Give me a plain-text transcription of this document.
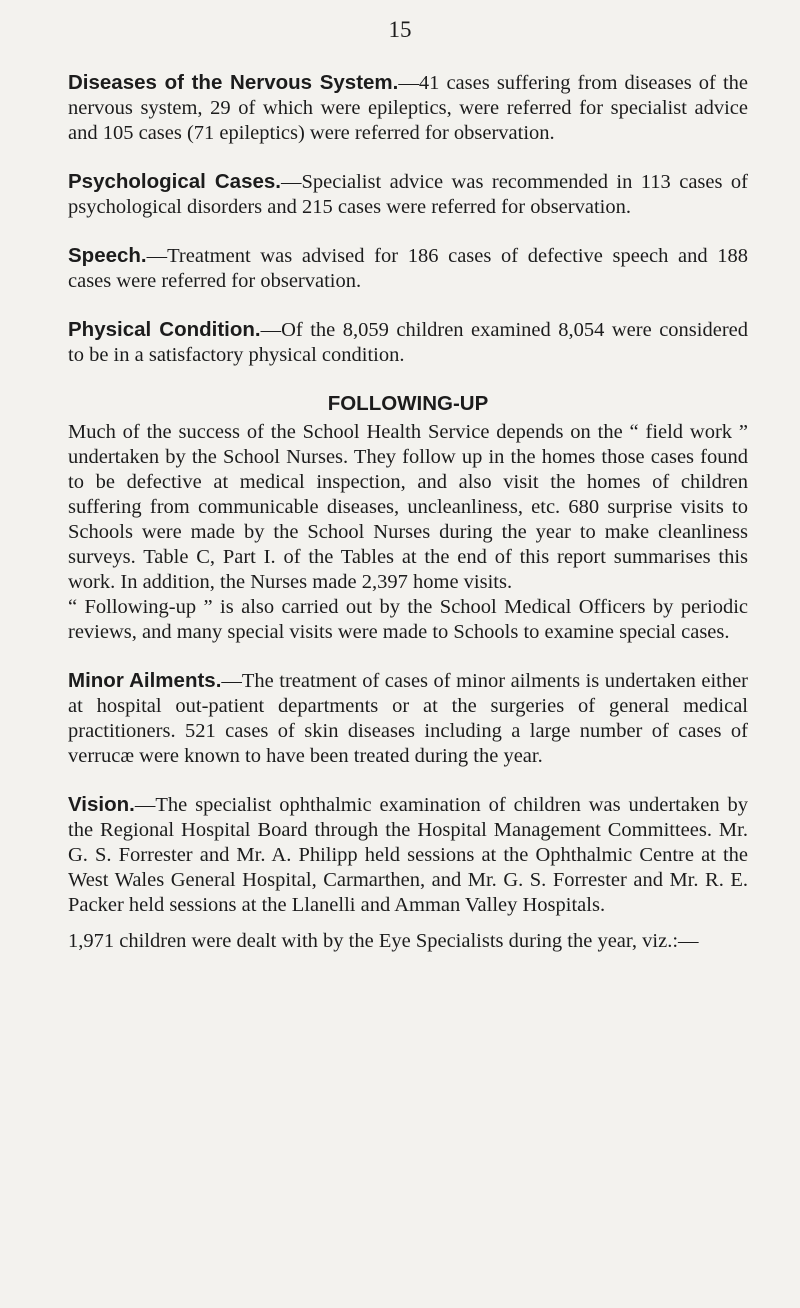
15

Diseases of the Nervous System.—41 cases suffering from diseases of the nervous system, 29 of which were epileptics, were referred for specialist advice and 105 cases (71 epileptics) were referred for observation.

Psychological Cases.—Specialist advice was recommended in 113 cases of psychological disorders and 215 cases were referred for observation.

Speech.—Treatment was advised for 186 cases of defective speech and 188 cases were referred for observation.

Physical Condition.—Of the 8,059 children examined 8,054 were considered to be in a satisfactory physical condition.

FOLLOWING-UP

Much of the success of the School Health Service depends on the “ field work ” undertaken by the School Nurses. They follow up in the homes those cases found to be defective at medical inspection, and also visit the homes of children suffering from communicable diseases, uncleanliness, etc. 680 surprise visits to Schools were made by the School Nurses during the year to make cleanliness surveys. Table C, Part I. of the Tables at the end of this report summarises this work. In addition, the Nurses made 2,397 home visits.

“ Following-up ” is also carried out by the School Medical Officers by periodic reviews, and many special visits were made to Schools to examine special cases.

Minor Ailments.—The treatment of cases of minor ailments is undertaken either at hospital out-patient departments or at the surgeries of general medical practitioners. 521 cases of skin diseases including a large number of cases of verrucæ were known to have been treated during the year.

Vision.—The specialist ophthalmic examination of children was undertaken by the Regional Hospital Board through the Hospital Management Committees. Mr. G. S. Forrester and Mr. A. Philipp held sessions at the Ophthalmic Centre at the West Wales General Hospital, Carmarthen, and Mr. G. S. Forrester and Mr. R. E. Packer held sessions at the Llanelli and Amman Valley Hospitals.

1,971 children were dealt with by the Eye Specialists during the year, viz.:—
